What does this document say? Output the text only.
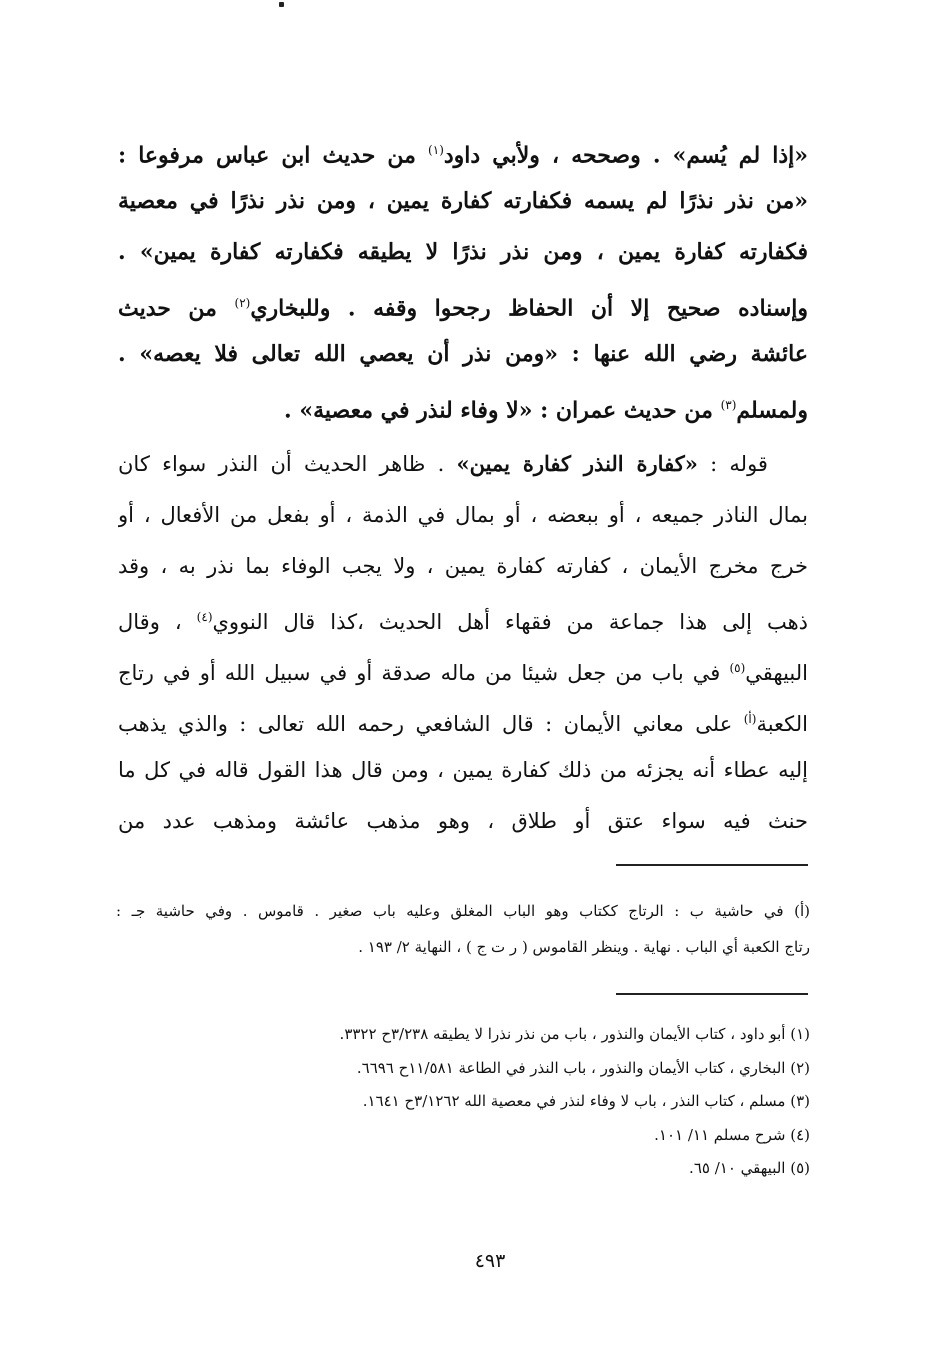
«إذا لم يُسم» . وصححه ، ولأبي داود$^{(١)}$ من حديث ابن عباس مرفوعا :
«من نذر نذرًا لم يسمه فكفارته كفارة يمين ، ومن نذر نذرًا في معصية
فكفارته كفارة يمين ، ومن نذر نذرًا لا يطيقه فكفارته كفارة يمين» .
وإسناده صحيح إلا أن الحفاظ رجحوا وقفه . وللبخاري$^{(٢)}$ من حديث
عائشة رضي الله عنها : «ومن نذر أن يعصي الله تعالى فلا يعصه» .
ولمسلم$^{(٣)}$ من حديث عمران : «لا وفاء لنذر في معصية» .
قوله : «كفارة النذر كفارة يمين» . ظاهر الحديث أن النذر سواء كان
بمال الناذر جميعه ، أو ببعضه ، أو بمال في الذمة ، أو بفعل من الأفعال ، أو
خرج مخرج الأيمان ، كفارته كفارة يمين ، ولا يجب الوفاء بما نذر به ، وقد
ذهب إلى هذا جماعة من فقهاء أهل الحديث ،كذا قال النووي$^{(٤)}$ ، وقال
البيهقي$^{(٥)}$ في باب من جعل شيئا من ماله صدقة أو في سبيل الله أو في رتاج
الكعبة$^{(أ)}$ على معاني الأيمان : قال الشافعي رحمه الله تعالى : والذي يذهب
إليه عطاء أنه يجزئه من ذلك كفارة يمين ، ومن قال هذا القول قاله في كل ما
حنث فيه سواء عتق أو طلاق ، وهو مذهب عائشة ومذهب عدد من
(أ) في حاشية ب : الرتاج ككتاب وهو الباب المغلق وعليه باب صغير . قاموس . وفي حاشية جـ :
رتاج الكعبة أي الباب . نهاية . وينظر القاموس ( ر ت ج ) ، النهاية ٢/ ١٩٣ .
(١) أبو داود ، كتاب الأيمان والنذور ، باب من نذر نذرا لا يطيقه ٣/٢٣٨ح ٣٣٢٢.
(٢) البخاري ، كتاب الأيمان والنذور ، باب النذر في الطاعة ١١/٥٨١ح ٦٦٩٦.
(٣) مسلم ، كتاب النذر ، باب لا وفاء لنذر في معصية الله ٣/١٢٦٢ح ١٦٤١.
(٤) شرح مسلم ١١/ ١٠١.
(٥) البيهقي ١٠/ ٦٥.
٤٩٣
